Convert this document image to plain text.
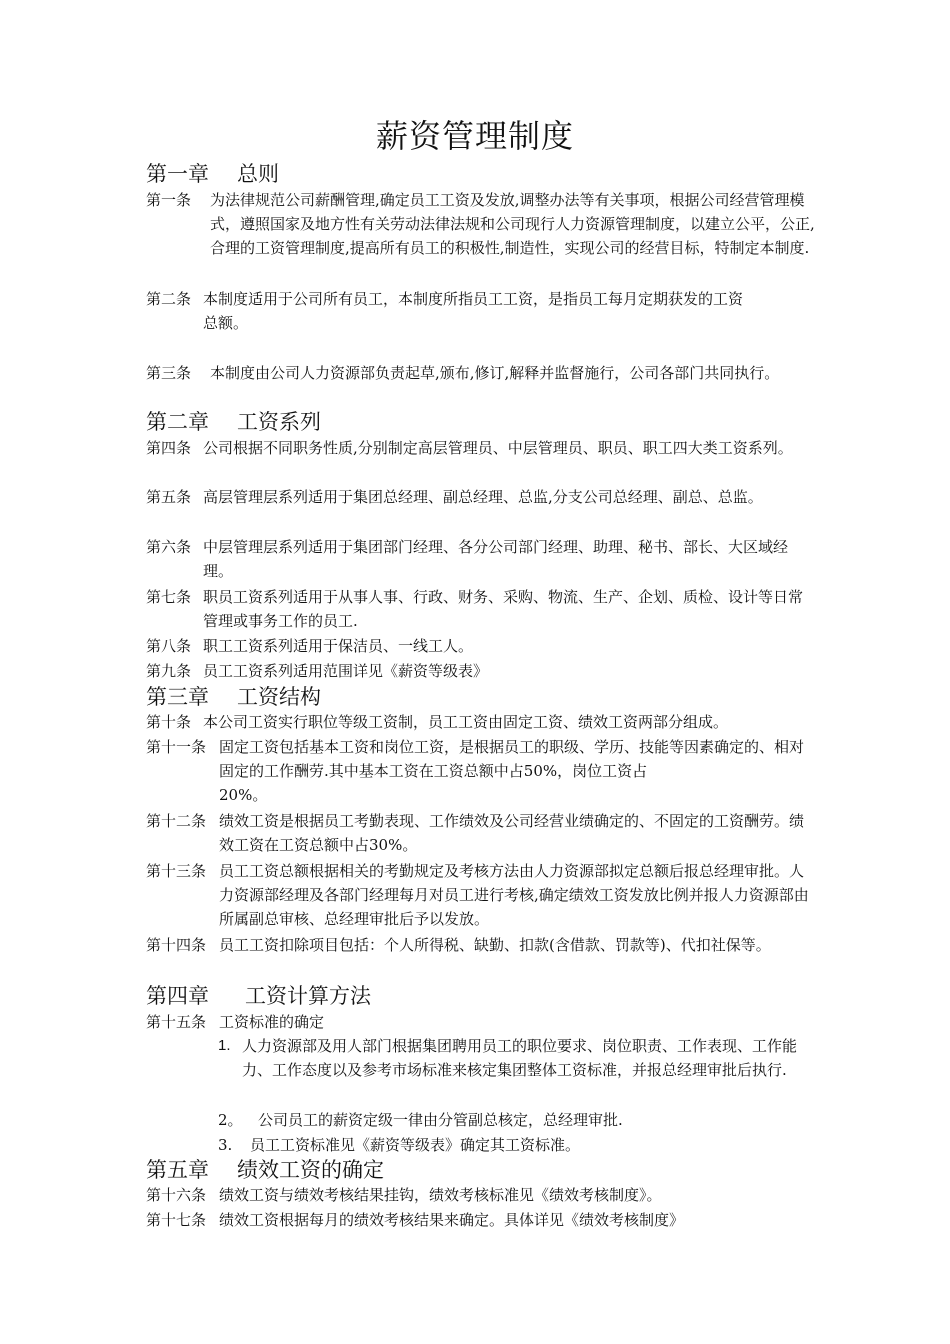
薪资管理制度
第一章 总则
第一条 为法律规范公司薪酬管理,确定员工工资及发放,调整办法等有关事项，根据公司经营管理模式，遵照国家及地方性有关劳动法律法规和公司现行人力资源管理制度，以建立公平，公正,合理的工资管理制度,提高所有员工的积极性,制造性，实现公司的经营目标，特制定本制度.
第二条 本制度适用于公司所有员工，本制度所指员工工资，是指员工每月定期获发的工资
总额。
第三条 本制度由公司人力资源部负责起草,颁布,修订,解释并监督施行，公司各部门共同执行。
第二章 工资系列
第四条 公司根据不同职务性质,分别制定高层管理员、中层管理员、职员、职工四大类工资系列。
第五条 高层管理层系列适用于集团总经理、副总经理、总监,分支公司总经理、副总、总监。
第六条 中层管理层系列适用于集团部门经理、各分公司部门经理、助理、秘书、部长、大区域经理。
第七条 职员工资系列适用于从事人事、行政、财务、采购、物流、生产、企划、质检、设计等日常管理或事务工作的员工.
第八条 职工工资系列适用于保洁员、一线工人。
第九条 员工工资系列适用范围详见《薪资等级表》
第三章 工资结构
第十条 本公司工资实行职位等级工资制，员工工资由固定工资、绩效工资两部分组成。
第十一条 固定工资包括基本工资和岗位工资，是根据员工的职级、学历、技能等因素确定的、相对固定的工作酬劳.其中基本工资在工资总额中占50%，岗位工资占
20%。
第十二条 绩效工资是根据员工考勤表现、工作绩效及公司经营业绩确定的、不固定的工资酬劳。绩效工资在工资总额中占30%。
第十三条 员工工资总额根据相关的考勤规定及考核方法由人力资源部拟定总额后报总经理审批。人力资源部经理及各部门经理每月对员工进行考核,确定绩效工资发放比例并报人力资源部由所属副总审核、总经理审批后予以发放。
第十四条 员工工资扣除项目包括：个人所得税、缺勤、扣款(含借款、罚款等)、代扣社保等。
第四章 工资计算方法
第十五条 工资标准的确定
1. 人力资源部及用人部门根据集团聘用员工的职位要求、岗位职责、工作表现、工作能力、工作态度以及参考市场标准来核定集团整体工资标准，并报总经理审批后执行.
2。 公司员工的薪资定级一律由分管副总核定，总经理审批.
3. 员工工资标准见《薪资等级表》确定其工资标准。
第五章 绩效工资的确定
第十六条 绩效工资与绩效考核结果挂钩，绩效考核标准见《绩效考核制度》。
第十七条 绩效工资根据每月的绩效考核结果来确定。具体详见《绩效考核制度》
